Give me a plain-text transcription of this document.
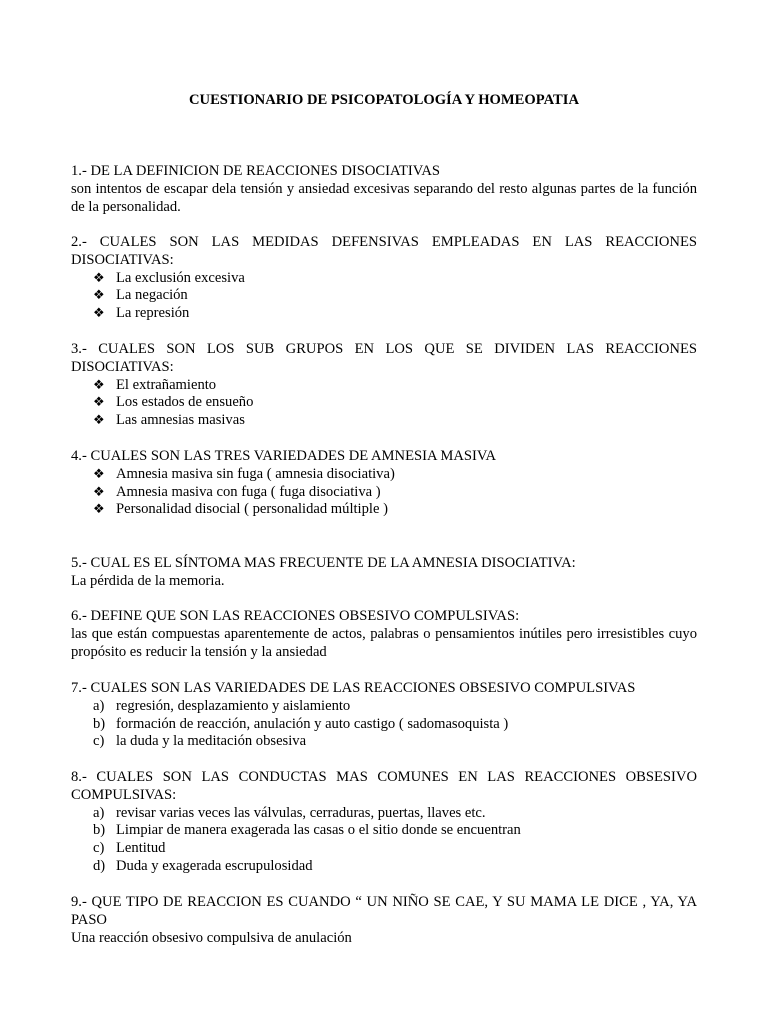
CUESTIONARIO DE PSICOPATOLOGÍA Y HOMEOPATIA
1.- DE LA DEFINICION DE REACCIONES DISOCIATIVAS
son intentos de escapar dela tensión y ansiedad excesivas separando del resto algunas partes de la función de la personalidad.
2.- CUALES SON LAS MEDIDAS DEFENSIVAS EMPLEADAS EN LAS REACCIONES DISOCIATIVAS:
❖ La exclusión excesiva
❖ La negación
❖ La represión
3.- CUALES SON LOS SUB GRUPOS EN LOS QUE SE DIVIDEN LAS REACCIONES DISOCIATIVAS:
❖ El extrañamiento
❖ Los estados de ensueño
❖ Las amnesias masivas
4.- CUALES SON LAS TRES VARIEDADES DE AMNESIA MASIVA
❖ Amnesia masiva sin fuga ( amnesia disociativa)
❖ Amnesia masiva con fuga ( fuga disociativa )
❖ Personalidad disocial ( personalidad múltiple )
5.- CUAL ES EL SÍNTOMA MAS FRECUENTE DE LA AMNESIA DISOCIATIVA:
La pérdida de la memoria.
6.- DEFINE QUE SON LAS REACCIONES OBSESIVO COMPULSIVAS:
las que están compuestas aparentemente de actos, palabras o pensamientos inútiles pero irresistibles cuyo propósito es reducir la tensión y la ansiedad
7.- CUALES SON LAS VARIEDADES DE LAS REACCIONES OBSESIVO COMPULSIVAS
a) regresión, desplazamiento y aislamiento
b) formación de reacción, anulación y auto castigo ( sadomasoquista )
c) la duda y la meditación obsesiva
8.- CUALES SON LAS CONDUCTAS MAS COMUNES EN LAS REACCIONES OBSESIVO COMPULSIVAS:
a) revisar varias veces las válvulas, cerraduras, puertas, llaves etc.
b) Limpiar de manera exagerada las casas o el sitio donde se encuentran
c) Lentitud
d) Duda y exagerada escrupulosidad
9.- QUE TIPO DE REACCION ES CUANDO “ UN NIÑO SE CAE, Y SU MAMA LE DICE , YA, YA PASO
Una reacción obsesivo compulsiva de anulación
